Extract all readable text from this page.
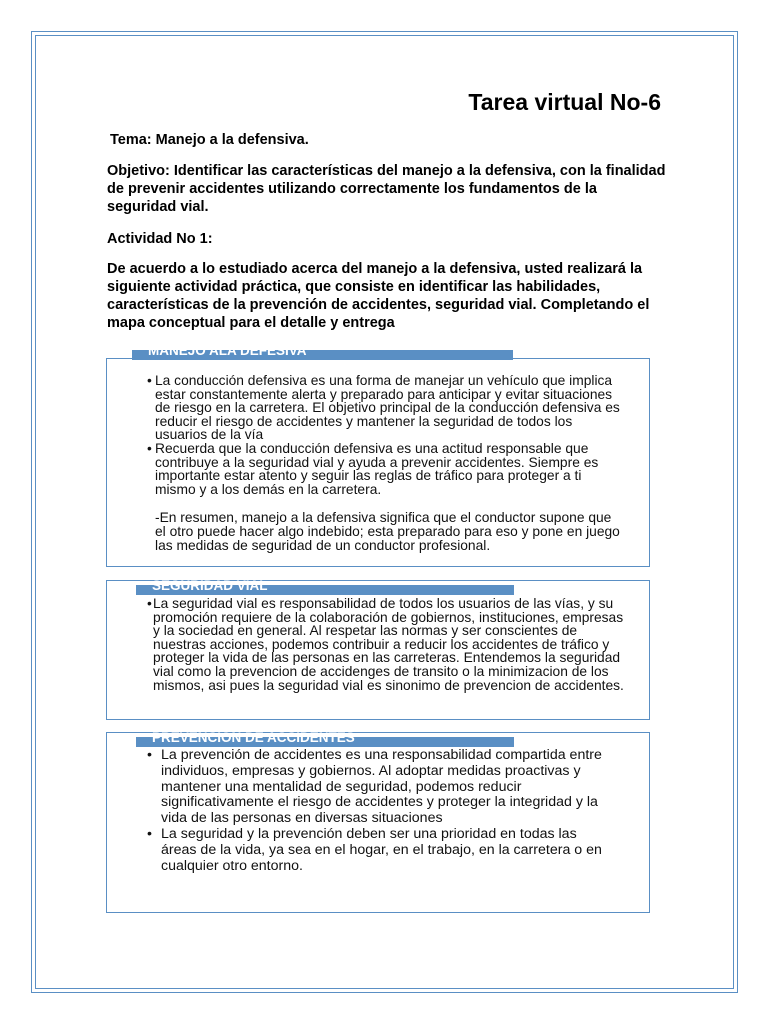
Tarea virtual No-6
Tema: Manejo a la defensiva.
Objetivo: Identificar las características del manejo a la defensiva, con la finalidad de prevenir accidentes utilizando correctamente los fundamentos de la seguridad vial.
Actividad No 1:
De acuerdo a lo estudiado acerca del manejo a la defensiva, usted realizará la siguiente actividad práctica, que consiste en identificar las habilidades, características de la prevención de accidentes, seguridad vial. Completando el mapa conceptual para el detalle y entrega
MANEJO ALA DEFESIVA

• La conducción defensiva es una forma de manejar un vehículo que implica estar constantemente alerta y preparado para anticipar y evitar situaciones de riesgo en la carretera. El objetivo principal de la conducción defensiva es reducir el riesgo de accidentes y mantener la seguridad de todos los usuarios de la vía

• Recuerda que la conducción defensiva es una actitud responsable que contribuye a la seguridad vial y ayuda a prevenir accidentes. Siempre es importante estar atento y seguir las reglas de tráfico para proteger a ti mismo y a los demás en la carretera.

-En resumen, manejo a la defensiva significa que el conductor supone que el otro puede hacer algo indebido; esta preparado para eso y pone en juego las medidas de seguridad de un conductor profesional.

SEGURIDAD VIAL

• La seguridad vial es responsabilidad de todos los usuarios de las vías, y su promoción requiere de la colaboración de gobiernos, instituciones, empresas y la sociedad en general. Al respetar las normas y ser conscientes de nuestras acciones, podemos contribuir a reducir los accidentes de tráfico y proteger la vida de las personas en las carreteras. Entendemos la seguridad vial como la prevencion de accidenges de transito o la minimizacion de los mismos, asi pues la seguridad vial es sinonimo de prevencion de accidentes.

PREVENCION DE ACCIDENTES

• La prevención de accidentes es una responsabilidad compartida entre individuos, empresas y gobiernos. Al adoptar medidas proactivas y mantener una mentalidad de seguridad, podemos reducir significativamente el riesgo de accidentes y proteger la integridad y la vida de las personas en diversas situaciones

• La seguridad y la prevención deben ser una prioridad en todas las áreas de la vida, ya sea en el hogar, en el trabajo, en la carretera o en cualquier otro entorno.
